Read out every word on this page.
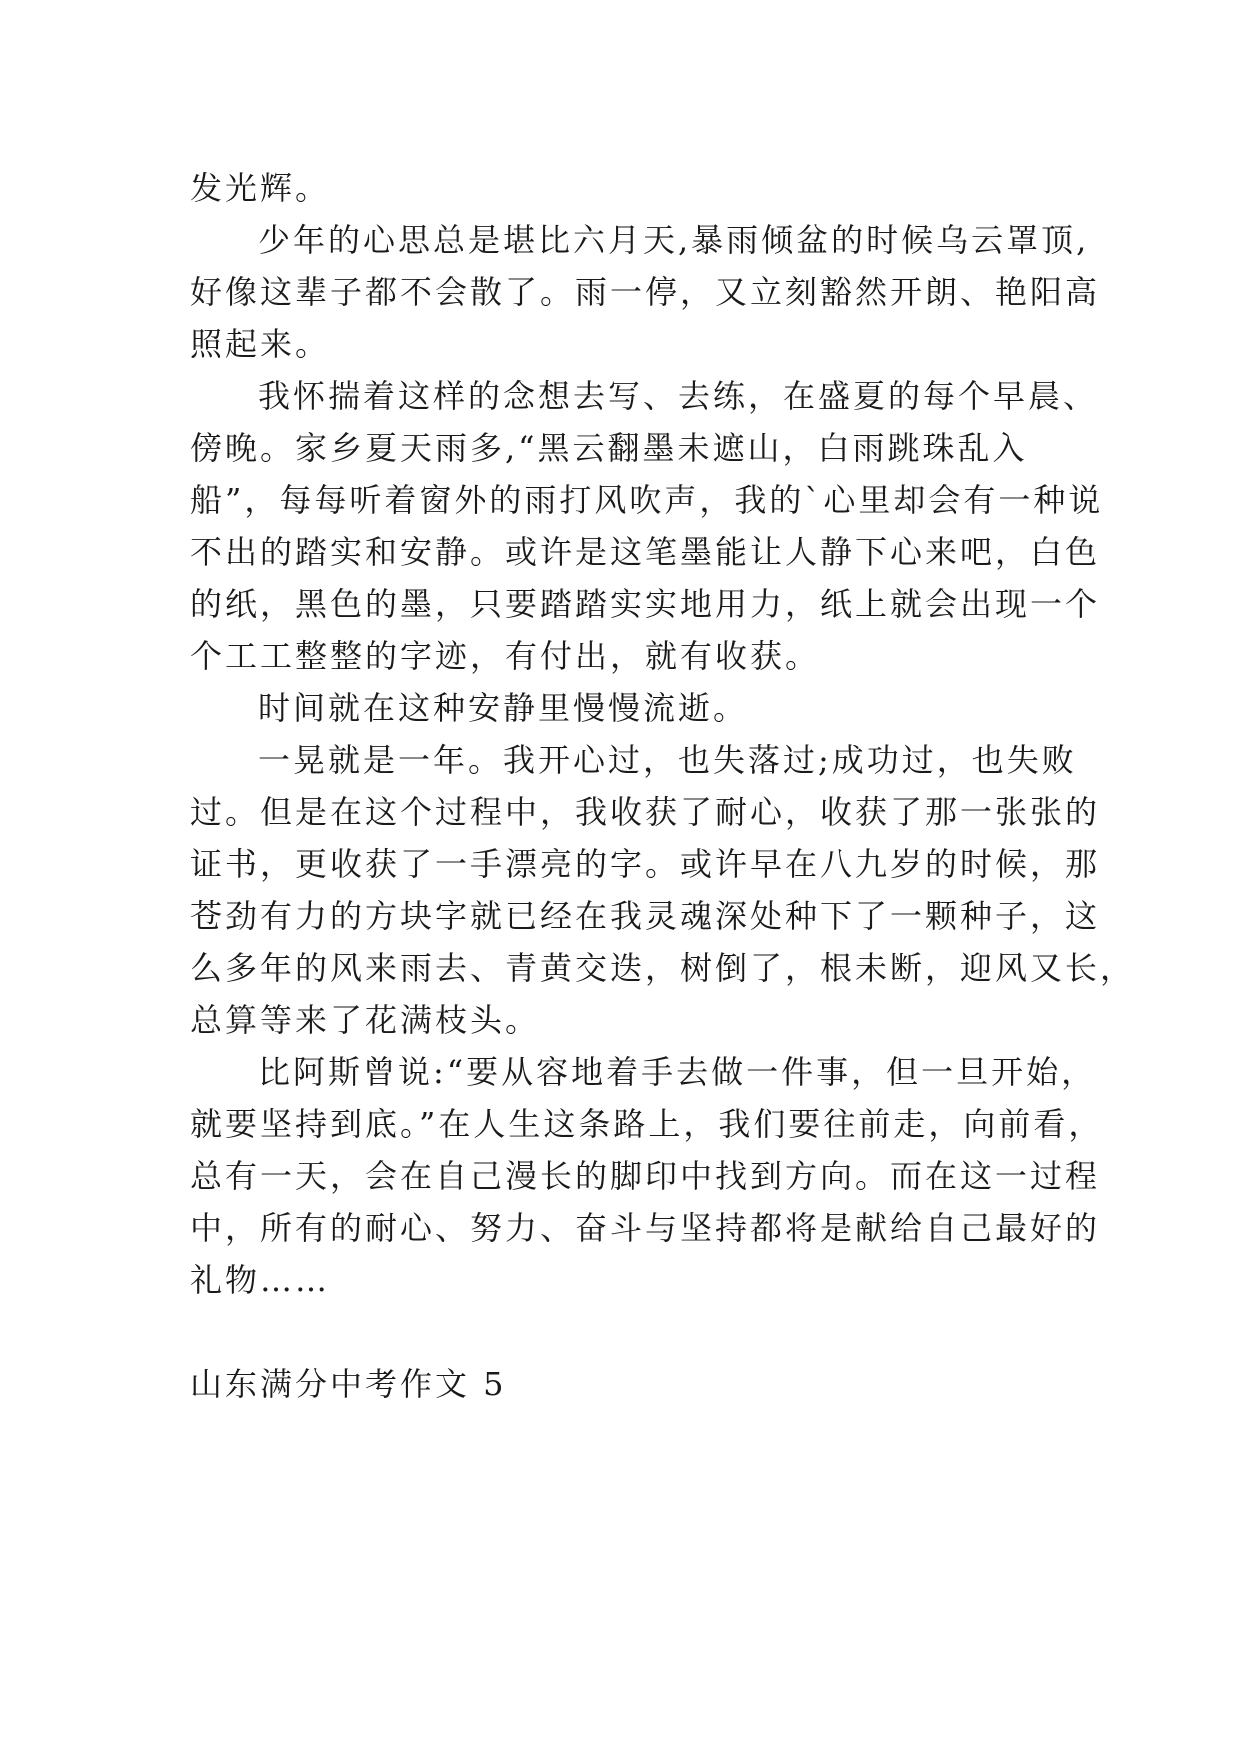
发光辉。
少年的心思总是堪比六月天,暴雨倾盆的时候乌云罩顶,
好像这辈子都不会散了。雨一停，又立刻豁然开朗、艳阳高
照起来。
我怀揣着这样的念想去写、去练，在盛夏的每个早晨、
傍晚。家乡夏天雨多,“黑云翻墨未遮山，白雨跳珠乱入
船”，每每听着窗外的雨打风吹声，我的`心里却会有一种说
不出的踏实和安静。或许是这笔墨能让人静下心来吧，白色
的纸，黑色的墨，只要踏踏实实地用力，纸上就会出现一个
个工工整整的字迹，有付出，就有收获。
时间就在这种安静里慢慢流逝。
一晃就是一年。我开心过，也失落过;成功过，也失败
过。但是在这个过程中，我收获了耐心，收获了那一张张的
证书，更收获了一手漂亮的字。或许早在八九岁的时候，那
苍劲有力的方块字就已经在我灵魂深处种下了一颗种子，这
么多年的风来雨去、青黄交迭，树倒了，根未断，迎风又长，
总算等来了花满枝头。
比阿斯曾说:“要从容地着手去做一件事，但一旦开始，
就要坚持到底。”在人生这条路上，我们要往前走，向前看，
总有一天，会在自己漫长的脚印中找到方向。而在这一过程
中，所有的耐心、努力、奋斗与坚持都将是献给自己最好的
礼物……
山东满分中考作文 5
